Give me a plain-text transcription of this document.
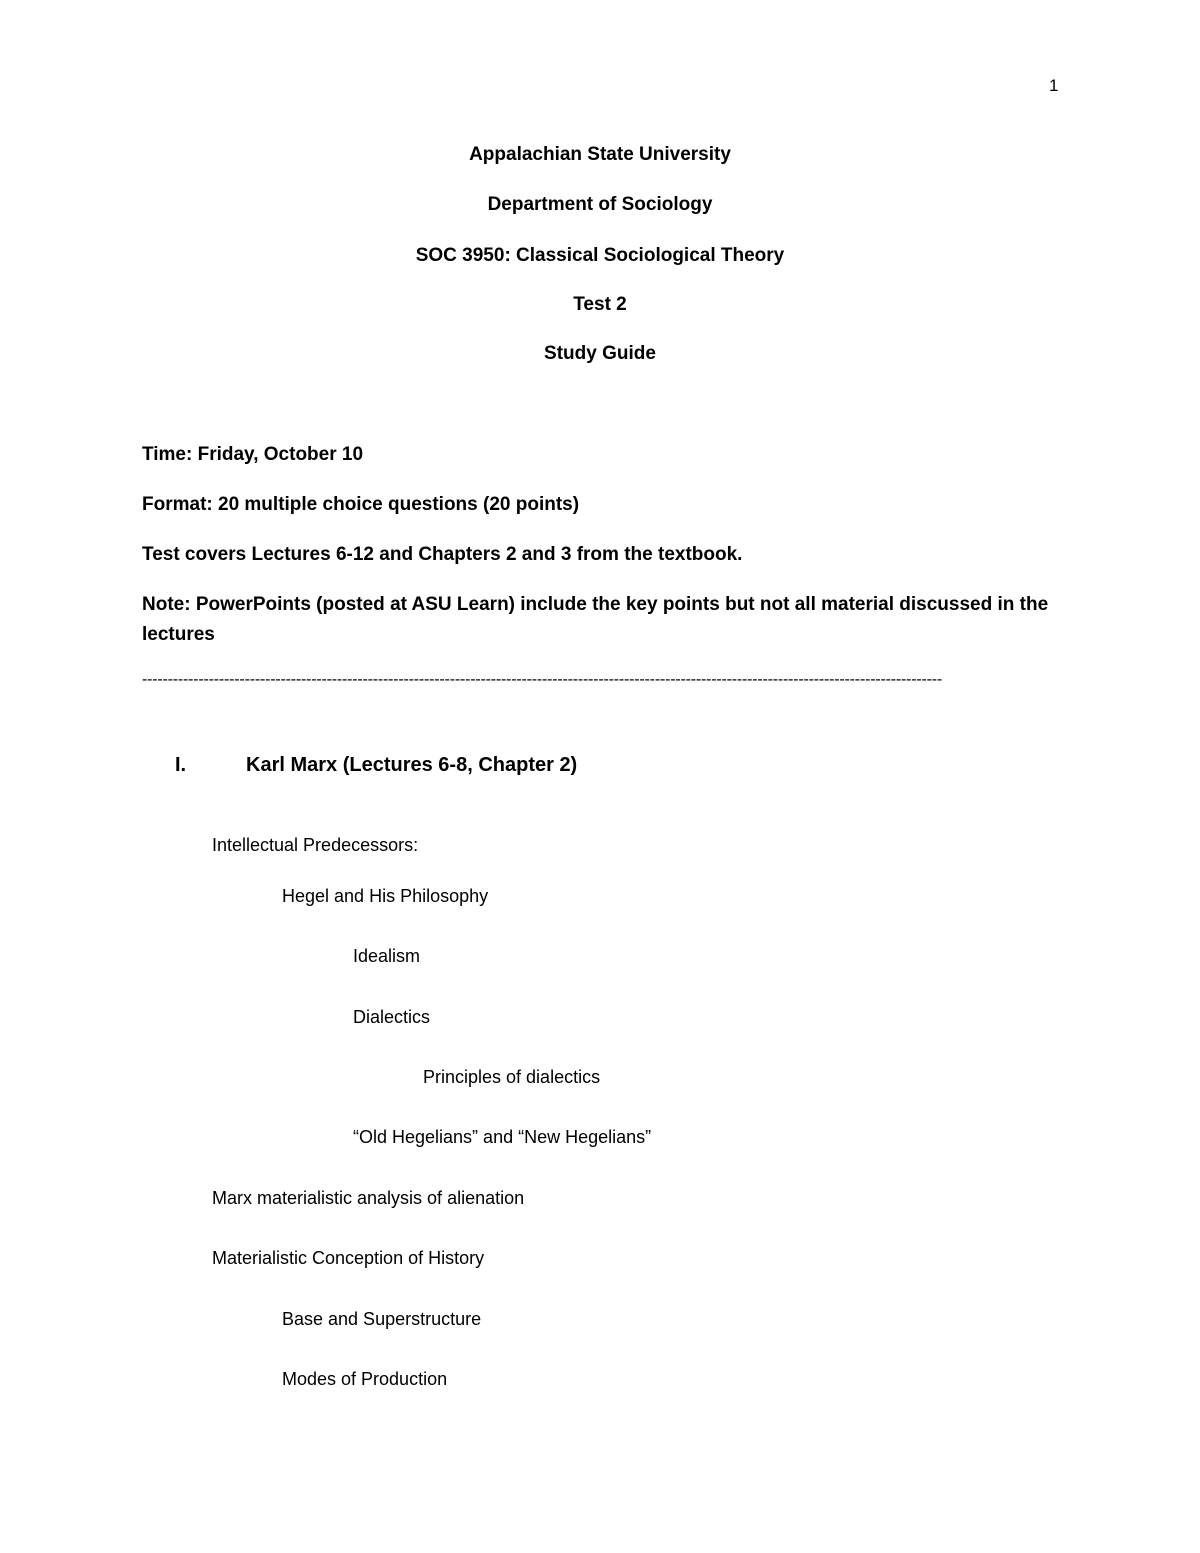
1
Appalachian State University
Department of Sociology
SOC 3950: Classical Sociological Theory
Test 2
Study Guide
Time: Friday, October 10
Format: 20 multiple choice questions (20 points)
Test covers Lectures 6-12 and Chapters 2 and 3 from the textbook.
Note: PowerPoints (posted at ASU Learn) include the key points but not all material discussed in the lectures
------------------------------------------------------------------------------------------------------------------------------------------------------------
I.	Karl Marx (Lectures 6-8, Chapter 2)
Intellectual Predecessors:
Hegel and His Philosophy
Idealism
Dialectics
Principles of dialectics
“Old Hegelians” and “New Hegelians”
Marx materialistic analysis of alienation
Materialistic Conception of History
Base and Superstructure
Modes of Production
